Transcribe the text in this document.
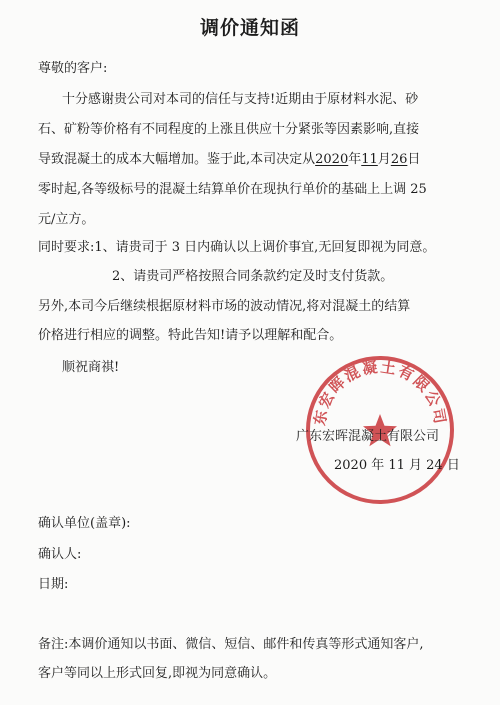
调价通知函
尊敬的客户:
十分感谢贵公司对本司的信任与支持!近期由于原材料水泥、砂
石、矿粉等价格有不同程度的上涨且供应十分紧张等因素影响,直接
导致混凝土的成本大幅增加。鉴于此,本司决定从2020年11月26日
零时起,各等级标号的混凝土结算单价在现执行单价的基础上上调 25
元/立方。
同时要求:1、请贵司于 3 日内确认以上调价事宜,无回复即视为同意。
2、请贵司严格按照合同条款约定及时支付货款。
另外,本司今后继续根据原材料市场的波动情况,将对混凝土的结算
价格进行相应的调整。特此告知!请予以理解和配合。
顺祝商祺!
东宏晖混凝土有限公司
广东宏晖混凝土有限公司
2020 年 11 月 24 日
确认单位(盖章):
确认人:
日期:
备注:本调价通知以书面、微信、短信、邮件和传真等形式通知客户,
客户等同以上形式回复,即视为同意确认。
